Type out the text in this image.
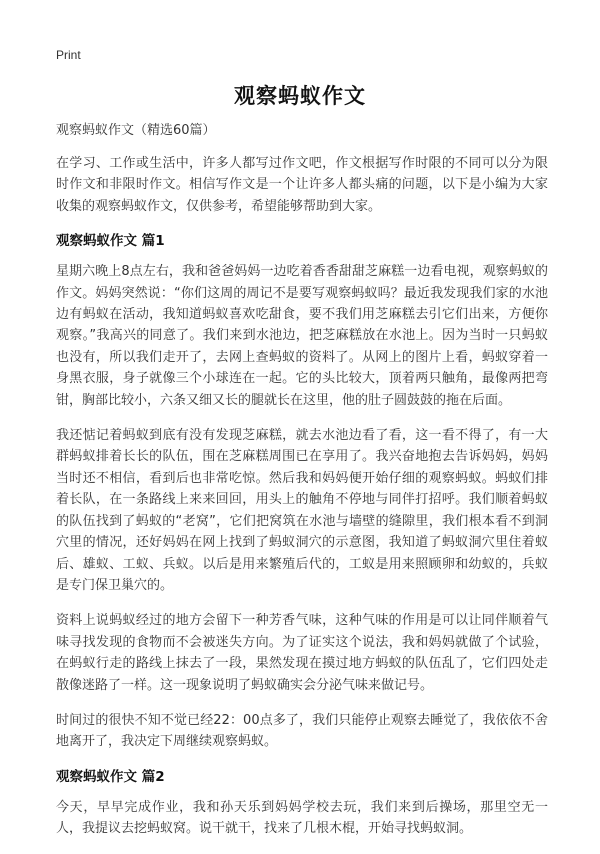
Print
观察蚂蚁作文
观察蚂蚁作文（精选60篇）

在学习、工作或生活中，许多人都写过作文吧，作文根据写作时限的不同可以分为限时作文和非限时作文。相信写作文是一个让许多人都头痛的问题，以下是小编为大家收集的观察蚂蚁作文，仅供参考，希望能够帮助到大家。

观察蚂蚁作文 篇1

星期六晚上8点左右，我和爸爸妈妈一边吃着香香甜甜芝麻糕一边看电视，观察蚂蚁的作文。妈妈突然说：“你们这周的周记不是要写观察蚂蚁吗？最近我发现我们家的水池边有蚂蚁在活动，我知道蚂蚁喜欢吃甜食，要不我们用芝麻糕去引它们出来，方便你观察。”我高兴的同意了。我们来到水池边，把芝麻糕放在水池上。因为当时一只蚂蚁也没有，所以我们走开了，去网上查蚂蚁的资料了。从网上的图片上看，蚂蚁穿着一身黑衣服，身子就像三个小球连在一起。它的头比较大，顶着两只触角，最像两把弯钳，胸部比较小，六条又细又长的腿就长在这里，他的肚子圆鼓鼓的拖在后面。

我还惦记着蚂蚁到底有没有发现芝麻糕，就去水池边看了看，这一看不得了，有一大群蚂蚁排着长长的队伍，围在芝麻糕周围已在享用了。我兴奋地抱去告诉妈妈，妈妈当时还不相信，看到后也非常吃惊。然后我和妈妈便开始仔细的观察蚂蚁。蚂蚁们排着长队，在一条路线上来来回回，用头上的触角不停地与同伴打招呼。我们顺着蚂蚁的队伍找到了蚂蚁的“老窝”，它们把窝筑在水池与墙壁的缝隙里，我们根本看不到洞穴里的情况，还好妈妈在网上找到了蚂蚁洞穴的示意图，我知道了蚂蚁洞穴里住着蚁后、雄蚁、工蚁、兵蚁。以后是用来繁殖后代的，工蚁是用来照顾卵和幼蚁的，兵蚁是专门保卫巢穴的。

资料上说蚂蚁经过的地方会留下一种芳香气味，这种气味的作用是可以让同伴顺着气味寻找发现的食物而不会被迷失方向。为了证实这个说法，我和妈妈就做了个试验，在蚂蚁行走的路线上抹去了一段，果然发现在摸过地方蚂蚁的队伍乱了，它们四处走散像迷路了一样。这一现象说明了蚂蚁确实会分泌气味来做记号。

时间过的很快不知不觉已经22：00点多了，我们只能停止观察去睡觉了，我依依不舍地离开了，我决定下周继续观察蚂蚁。

观察蚂蚁作文 篇2

今天，早早完成作业，我和孙天乐到妈妈学校去玩，我们来到后操场，那里空无一人，我提议去挖蚂蚁窝。说干就干，找来了几根木棍，开始寻找蚂蚁洞。
